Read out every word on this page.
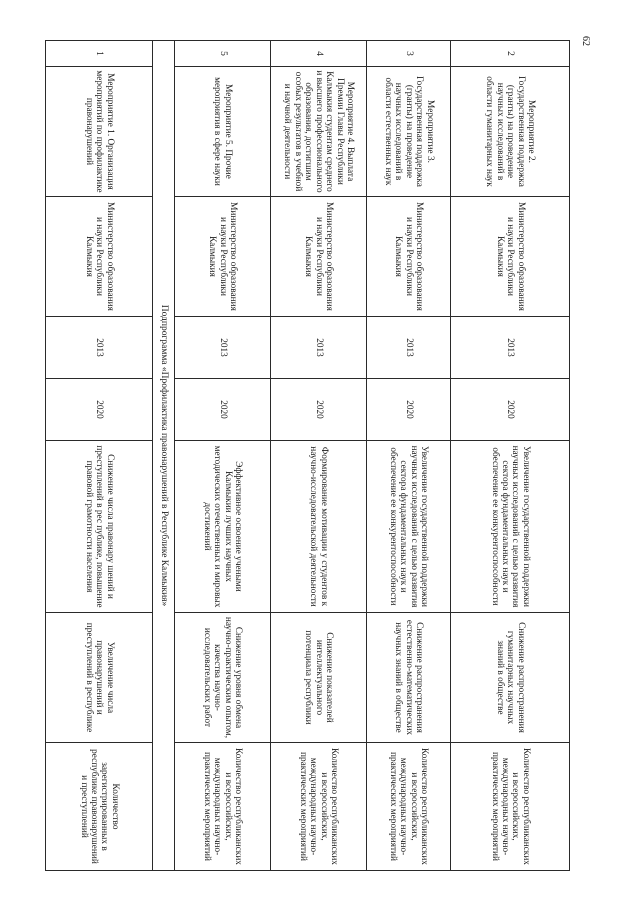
62
2	Мероприятие 2. Государственная поддержка (гранты) на проведение научных исследований в области гуманитарных наук	Министерство образования и науки Республики Калмыкия	2013	2020	Увеличение государственной поддержки научных исследований с целью развития сектора фундаментальных наук и обеспечение ее конкурентоспособности	Снижение распространения гуманитарных научных знаний в обществе	Количество республиканских и всероссийских, международных научно-практических мероприятий
3	Мероприятие 3. Государственная поддержка (гранты) на проведение научных исследований в области естественных наук	Министерство образования и науки Республики Калмыкия	2013	2020	Увеличение государственной поддержки научных исследований с целью развития сектора фундаментальных наук и обеспечение ее конкурентоспособности	Снижение распространения естественно-математических научных знаний в обществе	Количество республиканских и всероссийских, международных научно-практических мероприятий
4	Мероприятие 4. Выплата Премии Главы Республики Калмыкия студентам среднего и высшего профессионального образования, достигшим особых результатов в учебной и научной деятельности	Министерство образования и науки Республики Калмыкия	2013	2020	Формирование мотивации у студентов к научно-исследовательской деятельности	Снижение показателей интеллектуального потенциала республики	Количество республиканских и всероссийских, международных научно-практических мероприятий
5	Мероприятие 5. Прочие мероприятия в сфере науки	Министерство образования и науки Республики Калмыкия	2013	2020	Эффективное освоение учеными Калмыкии лучших научных методических отечественных и мировых достижений	Снижение уровня обмена научно-практическим опытом, качества научно-исследовательских работ	Количество республиканских и всероссийских, международных научно-практических мероприятий
Подпрограмма «Профилактика правонарушений в Республике Калмыкия»							
1	Мероприятие 1. Организация мероприятий по профилактике правонарушений	Министерство образования и науки Республики Калмыкия	2013	2020	Снижение числа правонару шений и преступлений в рес публике, повышение правовой грамотности населения	Увеличение числа правонарушений и преступлений в республике	Количество зарегистрированных в республике правонарушений и преступлений
